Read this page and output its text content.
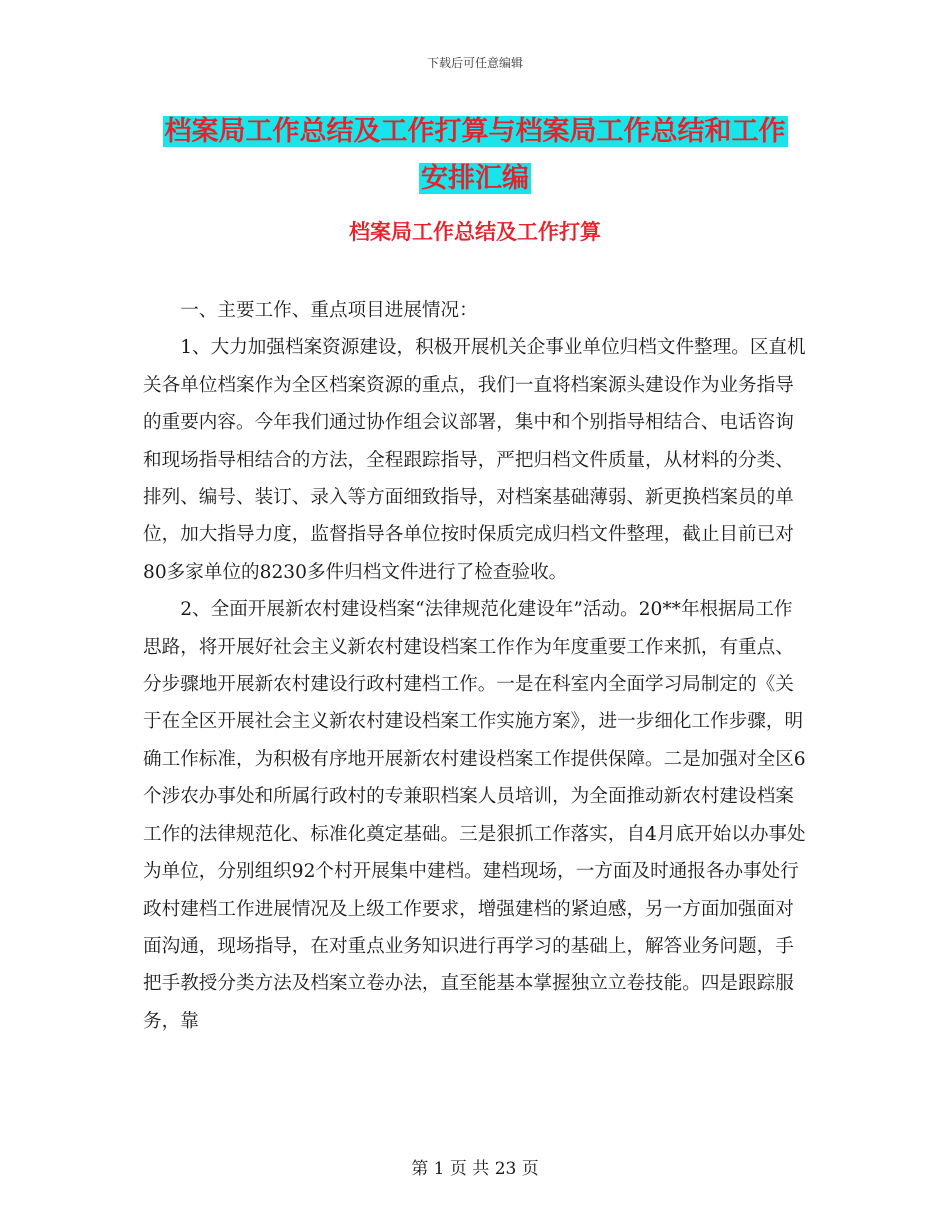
下载后可任意编辑
档案局工作总结及工作打算与档案局工作总结和工作
安排汇编
档案局工作总结及工作打算

一、主要工作、重点项目进展情况：

1、大力加强档案资源建设，积极开展机关企事业单位归档文件整理。区直机关各单位档案作为全区档案资源的重点，我们一直将档案源头建设作为业务指导的重要内容。今年我们通过协作组会议部署，集中和个别指导相结合、电话咨询和现场指导相结合的方法，全程跟踪指导，严把归档文件质量，从材料的分类、排列、编号、装订、录入等方面细致指导，对档案基础薄弱、新更换档案员的单位，加大指导力度，监督指导各单位按时保质完成归档文件整理，截止目前已对80多家单位的8230多件归档文件进行了检查验收。

2、全面开展新农村建设档案“法律规范化建设年”活动。20**年根据局工作思路，将开展好社会主义新农村建设档案工作作为年度重要工作来抓，有重点、分步骤地开展新农村建设行政村建档工作。一是在科室内全面学习局制定的《关于在全区开展社会主义新农村建设档案工作实施方案》，进一步细化工作步骤，明确工作标准，为积极有序地开展新农村建设档案工作提供保障。二是加强对全区6个涉农办事处和所属行政村的专兼职档案人员培训，为全面推动新农村建设档案工作的法律规范化、标准化奠定基础。三是狠抓工作落实，自4月底开始以办事处为单位，分别组织92个村开展集中建档。建档现场，一方面及时通报各办事处行政村建档工作进展情况及上级工作要求，增强建档的紧迫感，另一方面加强面对面沟通，现场指导，在对重点业务知识进行再学习的基础上，解答业务问题，手把手教授分类方法及档案立卷办法，直至能基本掌握独立立卷技能。四是跟踪服务，靠

第 1 页 共 23 页
